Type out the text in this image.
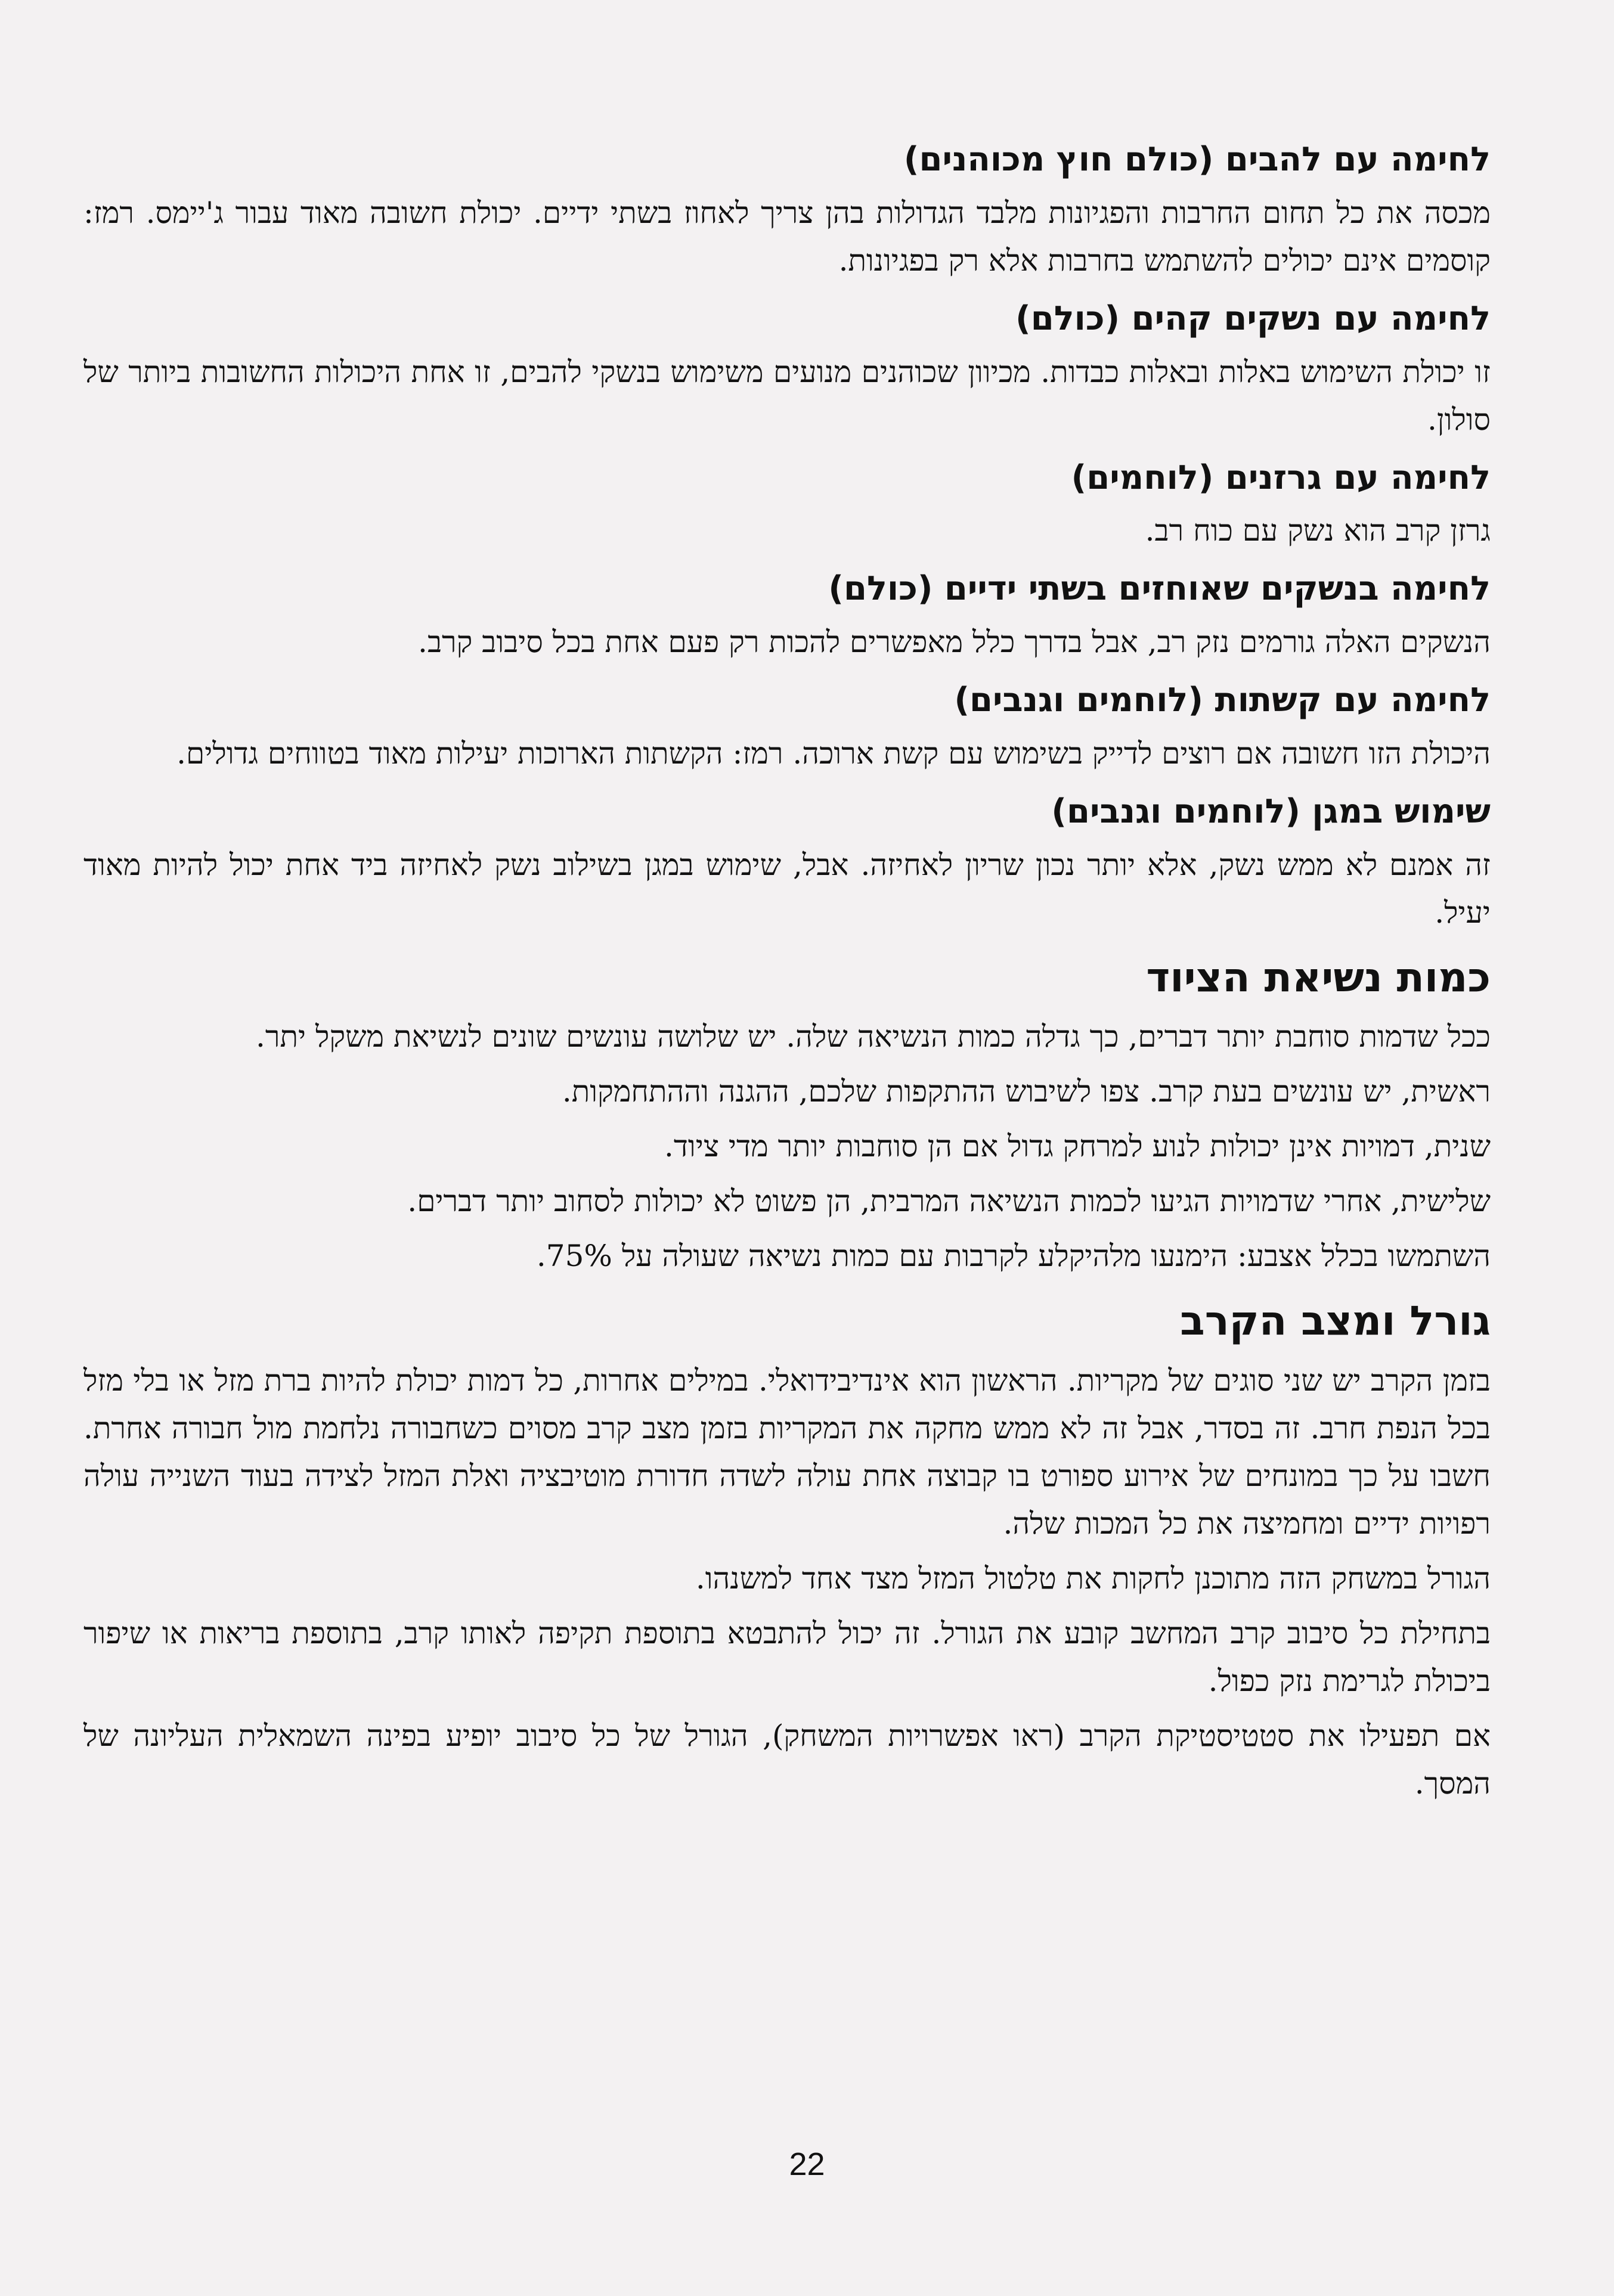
לחימה עם להבים (כולם חוץ מכוהנים)
מכסה את כל תחום החרבות והפגיונות מלבד הגדולות בהן צריך לאחוז בשתי ידיים. יכולת חשובה מאוד עבור ג'יימס. רמז: קוסמים אינם יכולים להשתמש בחרבות אלא רק בפגיונות.
לחימה עם נשקים קהים (כולם)
זו יכולת השימוש באלות ובאלות כבדות. מכיוון שכוהנים מנועים משימוש בנשקי להבים, זו אחת היכולות החשובות ביותר של סולון.
לחימה עם גרזנים (לוחמים)
גרזן קרב הוא נשק עם כוח רב.
לחימה בנשקים שאוחזים בשתי ידיים (כולם)
הנשקים האלה גורמים נזק רב, אבל בדרך כלל מאפשרים להכות רק פעם אחת בכל סיבוב קרב.
לחימה עם קשתות (לוחמים וגנבים)
היכולת הזו חשובה אם רוצים לדייק בשימוש עם קשת ארוכה. רמז: הקשתות הארוכות יעילות מאוד בטווחים גדולים.
שימוש במגן (לוחמים וגנבים)
זה אמנם לא ממש נשק, אלא יותר נכון שריון לאחיזה. אבל, שימוש במגן בשילוב נשק לאחיזה ביד אחת יכול להיות מאוד יעיל.
כמות נשיאת הציוד
ככל שדמות סוחבת יותר דברים, כך גדלה כמות הנשיאה שלה. יש שלושה עונשים שונים לנשיאת משקל יתר.
ראשית, יש עונשים בעת קרב. צפו לשיבוש ההתקפות שלכם, ההגנה וההתחמקות.
שנית, דמויות אינן יכולות לנוע למרחק גדול אם הן סוחבות יותר מדי ציוד.
שלישית, אחרי שדמויות הגיעו לכמות הנשיאה המרבית, הן פשוט לא יכולות לסחוב יותר דברים.
השתמשו בכלל אצבע: הימנעו מלהיקלע לקרבות עם כמות נשיאה שעולה על 75%.
גורל ומצב הקרב
בזמן הקרב יש שני סוגים של מקריות. הראשון הוא אינדיבידואלי. במילים אחרות, כל דמות יכולת להיות ברת מזל או בלי מזל בכל הנפת חרב. זה בסדר, אבל זה לא ממש מחקה את המקריות בזמן מצב קרב מסוים כשחבורה נלחמת מול חבורה אחרת. חשבו על כך במונחים של אירוע ספורט בו קבוצה אחת עולה לשדה חדורת מוטיבציה ואלת המזל לצידה בעוד השנייה עולה רפויות ידיים ומחמיצה את כל המכות שלה.
הגורל במשחק הזה מתוכנן לחקות את טלטול המזל מצד אחד למשנהו.
בתחילת כל סיבוב קרב המחשב קובע את הגורל. זה יכול להתבטא בתוספת תקיפה לאותו קרב, בתוספת בריאות או שיפור ביכולת לגרימת נזק כפול.
אם תפעילו את סטטיסטיקת הקרב (ראו אפשרויות המשחק), הגורל של כל סיבוב יופיע בפינה השמאלית העליונה של המסך.
22
